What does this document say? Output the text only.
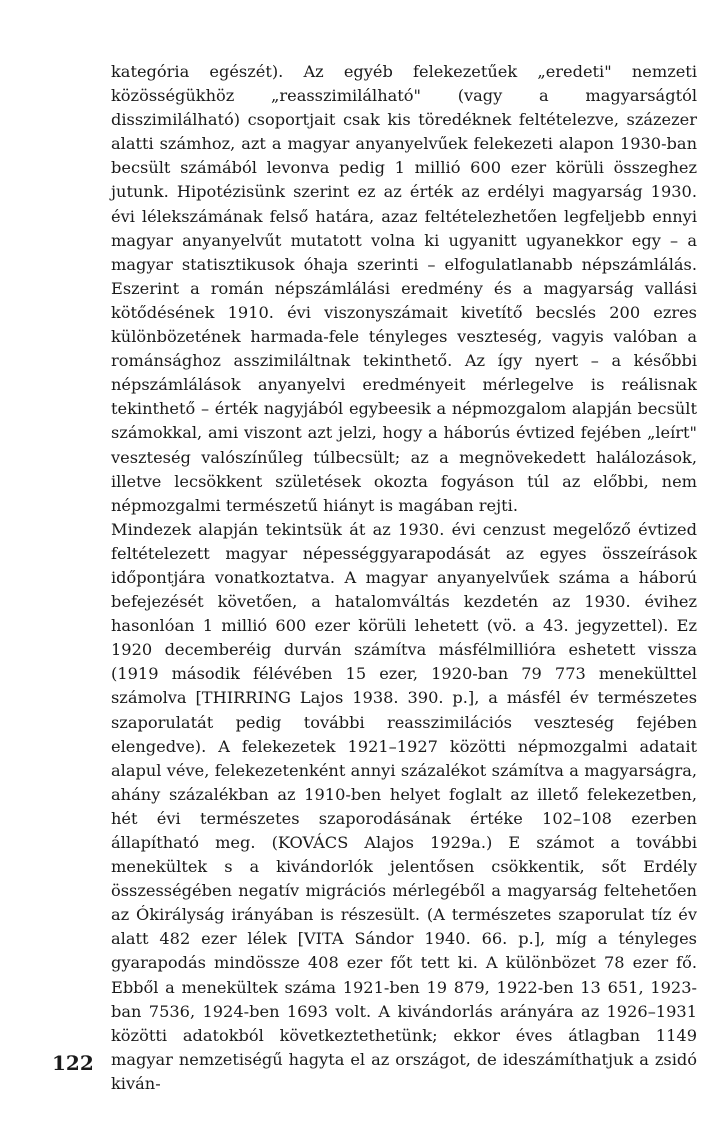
kategória egészét). Az egyéb felekezetűek „eredeti" nemzeti közösségükhöz „reasszimilálható" (vagy a magyarságtól disszimilálható) csoportjait csak kis töredéknek feltételezve, százezer alatti számhoz, azt a magyar anyanyelvűek felekezeti alapon 1930-ban becsült számából levonva pedig 1 millió 600 ezer körüli összeghez jutunk. Hipotézisünk szerint ez az érték az erdélyi magyarság 1930. évi lélekszámának felső határa, azaz feltételezhetően legfeljebb ennyi magyar anyanyelvűt mutatott volna ki ugyanitt ugyanekkor egy – a magyar statisztikusok óhaja szerinti – elfogulatlanabb népszámlálás. Eszerint a román népszámlálási eredmény és a magyarság vallási kötődésének 1910. évi viszonyszámait kivetítő becslés 200 ezres különbözetének harmada-fele tényleges veszteség, vagyis valóban a románsághoz asszimiláltnak tekinthető. Az így nyert – a későbbi népszámlálások anyanyelvi eredményeit mérlegelve is reálisnak tekinthető – érték nagyjából egybeesik a népmozgalom alapján becsült számokkal, ami viszont azt jelzi, hogy a háborús évtized fejében „leírt" veszteség valószínűleg túlbecsült; az a megnövekedett halálozások, illetve lecsökkent születések okozta fogyáson túl az előbbi, nem népmozgalmi természetű hiányt is magában rejti.

Mindezek alapján tekintsük át az 1930. évi cenzust megelőző évtized feltételezett magyar népességgyarapodását az egyes összeírások időpontjára vonatkoztatva. A magyar anyanyelvűek száma a háború befejezését követően, a hatalomváltás kezdetén az 1930. évihez hasonlóan 1 millió 600 ezer körüli lehetett (vö. a 43. jegyzettel). Ez 1920 decemberéig durván számítva másfélmillióra eshetett vissza (1919 második félévében 15 ezer, 1920-ban 79 773 menekülttel számolva [THIRRING Lajos 1938. 390. p.], a másfél év természetes szaporulatát pedig további reasszimilációs veszteség fejében elengedve). A felekezetek 1921–1927 közötti népmozgalmi adatait alapul véve, felekezetenként annyi százalékot számítva a magyarságra, ahány százalékban az 1910-ben helyet foglalt az illető felekezetben, hét évi természetes szaporodásának értéke 102–108 ezerben állapítható meg. (KOVÁCS Alajos 1929a.) E számot a további menekültek s a kivándorlók jelentősen csökkentik, sőt Erdély összességében negatív migrációs mérlegéből a magyarság feltehetően az Ókirályság irányában is részesült. (A természetes szaporulat tíz év alatt 482 ezer lélek [VITA Sándor 1940. 66. p.], míg a tényleges gyarapodás mindössze 408 ezer főt tett ki. A különbözet 78 ezer fő. Ebből a menekültek száma 1921-ben 19 879, 1922-ben 13 651, 1923-ban 7536, 1924-ben 1693 volt. A kivándorlás arányára az 1926–1931 közötti adatokból következtethetünk; ekkor éves átlagban 1149 magyar nemzetiségű hagyta el az országot, de ideszámíthatjuk a zsidó kiván-

122
